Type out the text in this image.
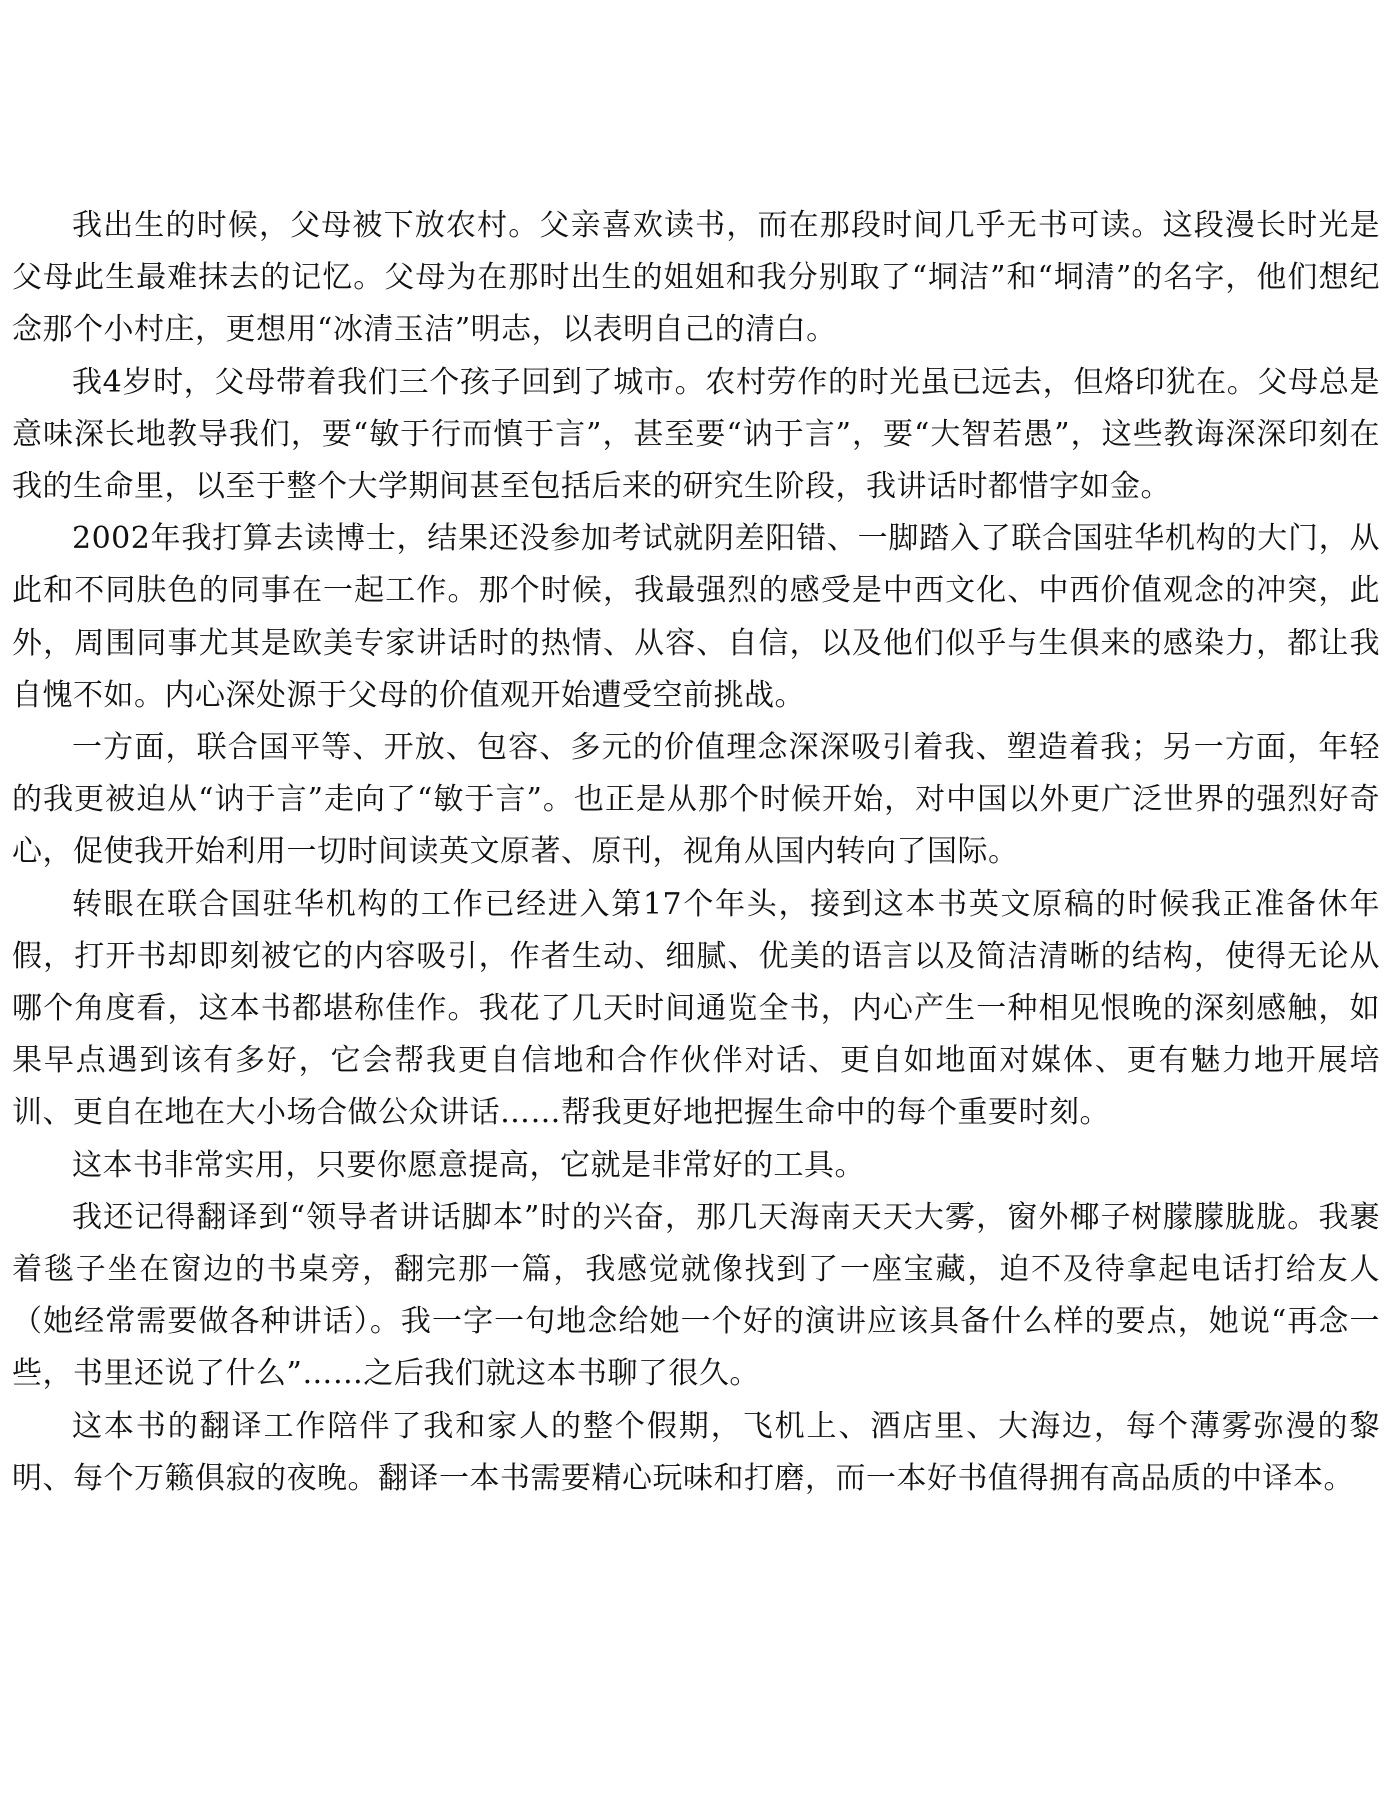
我出生的时候，父母被下放农村。父亲喜欢读书，而在那段时间几乎无书可读。这段漫长时光是父母此生最难抹去的记忆。父母为在那时出生的姐姐和我分别取了“垌洁”和“垌清”的名字，他们想纪念那个小村庄，更想用“冰清玉洁”明志，以表明自己的清白。

我4岁时，父母带着我们三个孩子回到了城市。农村劳作的时光虽已远去，但烙印犹在。父母总是意味深长地教导我们，要“敏于行而慎于言”，甚至要“讷于言”，要“大智若愚”，这些教诲深深印刻在我的生命里，以至于整个大学期间甚至包括后来的研究生阶段，我讲话时都惜字如金。

2002年我打算去读博士，结果还没参加考试就阴差阳错、一脚踏入了联合国驻华机构的大门，从此和不同肤色的同事在一起工作。那个时候，我最强烈的感受是中西文化、中西价值观念的冲突，此外，周围同事尤其是欧美专家讲话时的热情、从容、自信，以及他们似乎与生俱来的感染力，都让我自愧不如。内心深处源于父母的价值观开始遭受空前挑战。

一方面，联合国平等、开放、包容、多元的价值理念深深吸引着我、塑造着我；另一方面，年轻的我更被迫从“讷于言”走向了“敏于言”。也正是从那个时候开始，对中国以外更广泛世界的强烈好奇心，促使我开始利用一切时间读英文原著、原刊，视角从国内转向了国际。

转眼在联合国驻华机构的工作已经进入第17个年头，接到这本书英文原稿的时候我正准备休年假，打开书却即刻被它的内容吸引，作者生动、细腻、优美的语言以及简洁清晰的结构，使得无论从哪个角度看，这本书都堪称佳作。我花了几天时间通览全书，内心产生一种相见恨晚的深刻感触，如果早点遇到该有多好，它会帮我更自信地和合作伙伴对话、更自如地面对媒体、更有魅力地开展培训、更自在地在大小场合做公众讲话……帮我更好地把握生命中的每个重要时刻。

这本书非常实用，只要你愿意提高，它就是非常好的工具。

我还记得翻译到“领导者讲话脚本”时的兴奋，那几天海南天天大雾，窗外椰子树朦朦胧胧。我裹着毯子坐在窗边的书桌旁，翻完那一篇，我感觉就像找到了一座宝藏，迫不及待拿起电话打给友人（她经常需要做各种讲话）。我一字一句地念给她一个好的演讲应该具备什么样的要点，她说“再念一些，书里还说了什么”……之后我们就这本书聊了很久。

这本书的翻译工作陪伴了我和家人的整个假期，飞机上、酒店里、大海边，每个薄雾弥漫的黎明、每个万籁俱寂的夜晚。翻译一本书需要精心玩味和打磨，而一本好书值得拥有高品质的中译本。
